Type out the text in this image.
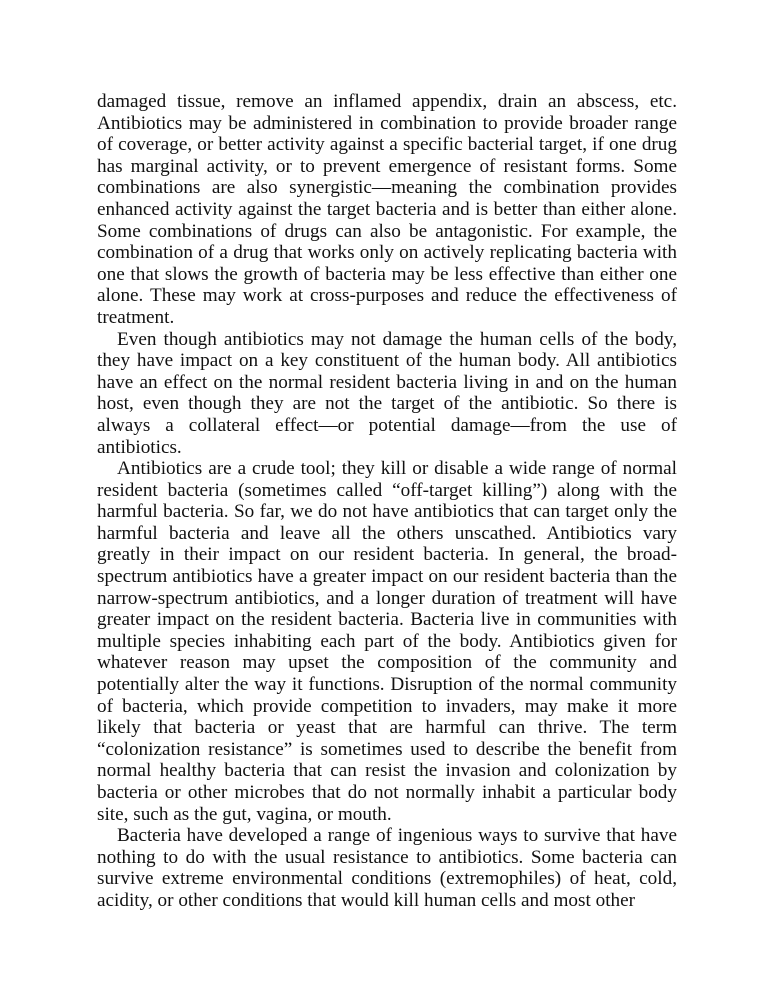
damaged tissue, remove an inflamed appendix, drain an abscess, etc. Antibiotics may be administered in combination to provide broader range of coverage, or better activity against a specific bacterial target, if one drug has marginal activity, or to prevent emergence of resistant forms. Some combinations are also synergistic—meaning the combination provides enhanced activity against the target bacteria and is better than either alone. Some combinations of drugs can also be antagonistic. For example, the combination of a drug that works only on actively replicating bacteria with one that slows the growth of bacteria may be less effective than either one alone. These may work at cross-purposes and reduce the effectiveness of treatment.

Even though antibiotics may not damage the human cells of the body, they have impact on a key constituent of the human body. All antibiotics have an effect on the normal resident bacteria living in and on the human host, even though they are not the target of the antibiotic. So there is always a collateral effect—or potential damage—from the use of antibiotics.

Antibiotics are a crude tool; they kill or disable a wide range of normal resident bacteria (sometimes called “off-target killing”) along with the harmful bacteria. So far, we do not have antibiotics that can target only the harmful bacteria and leave all the others unscathed. Antibiotics vary greatly in their impact on our resident bacteria. In general, the broad-spectrum antibiotics have a greater impact on our resident bacteria than the narrow-spectrum antibiotics, and a longer duration of treatment will have greater impact on the resident bacteria. Bacteria live in communities with multiple species inhabiting each part of the body. Antibiotics given for whatever reason may upset the composition of the community and potentially alter the way it functions. Disruption of the normal community of bacteria, which provide competition to invaders, may make it more likely that bacteria or yeast that are harmful can thrive. The term “colonization resistance” is sometimes used to describe the benefit from normal healthy bacteria that can resist the invasion and colonization by bacteria or other microbes that do not normally inhabit a particular body site, such as the gut, vagina, or mouth.

Bacteria have developed a range of ingenious ways to survive that have nothing to do with the usual resistance to antibiotics. Some bacteria can survive extreme environmental conditions (extremophiles) of heat, cold, acidity, or other conditions that would kill human cells and most other
